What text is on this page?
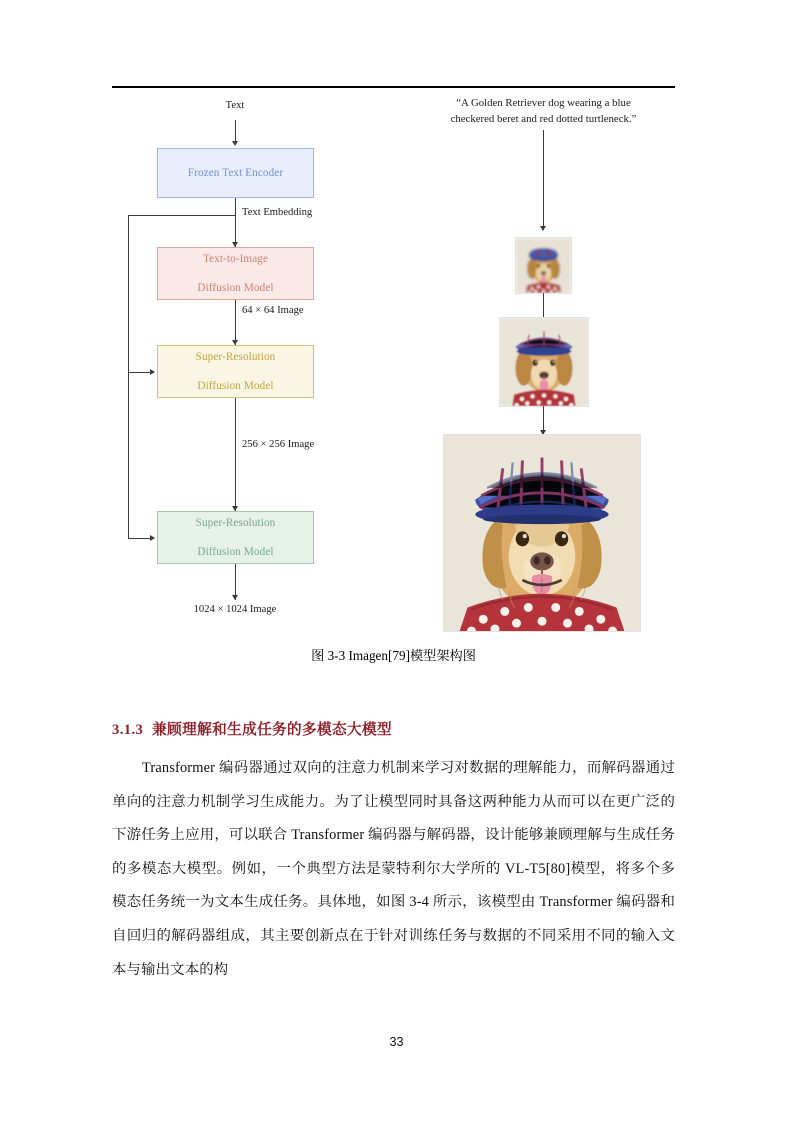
Text
Frozen Text Encoder
Text Embedding
Text-to-Image

Diffusion Model
64 × 64 Image
Super-Resolution

Diffusion Model
256 × 256 Image
Super-Resolution

Diffusion Model
1024 × 1024 Image
“A Golden Retriever dog wearing a blue
checkered beret and red dotted turtleneck.”
图 3-3 Imagen[79]模型架构图
3.1.3 兼顾理解和生成任务的多模态大模型
Transformer 编码器通过双向的注意力机制来学习对数据的理解能力，而解码器通过单向的注意力机制学习生成能力。为了让模型同时具备这两种能力从而可以在更广泛的下游任务上应用，可以联合 Transformer 编码器与解码器，设计能够兼顾理解与生成任务的多模态大模型。例如，一个典型方法是蒙特利尔大学所的 VL-T5[80]模型，将多个多模态任务统一为文本生成任务。具体地，如图 3-4 所示，该模型由 Transformer 编码器和自回归的解码器组成，其主要创新点在于针对训练任务与数据的不同采用不同的输入文本与输出文本的构
33
